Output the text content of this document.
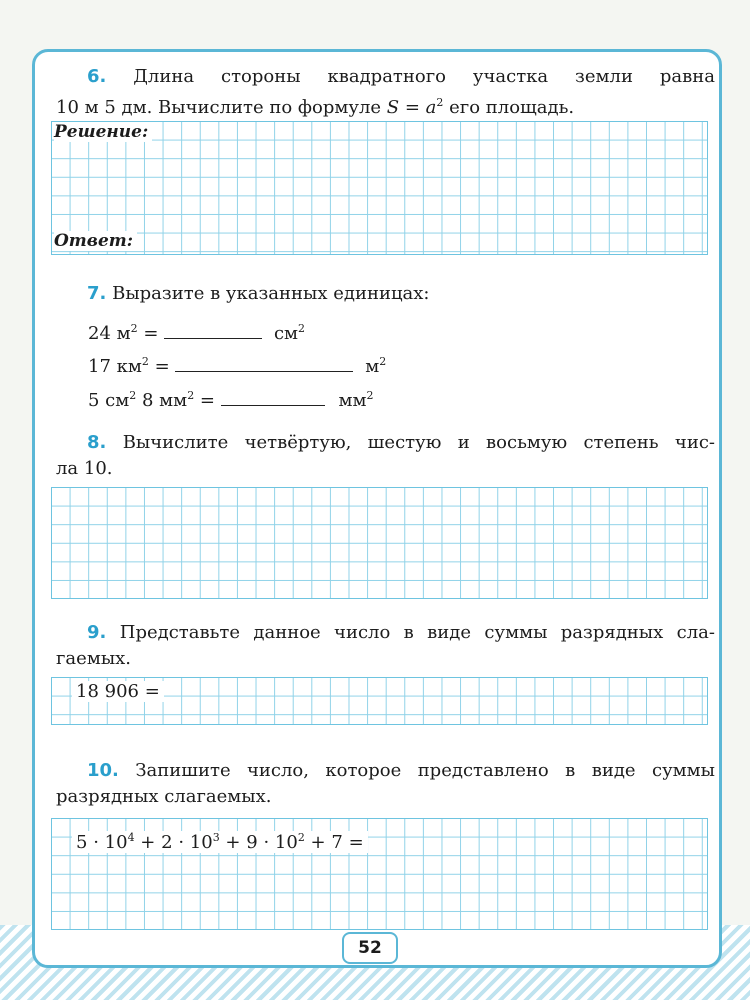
6. Длина стороны квадратного участка земли равна
10 м 5 дм. Вычислите по формуле $S = a^2$ его площадь.
Решение:
Ответ:
7. Выразите в указанных единицах:
24 $м^2$ =	$см^2$
17 $км^2$ =	$м^2$
5 $см^2$ 8 $мм^2$ =	$мм^2$
8. Вычислите четвёртую, шестую и восьмую степень чис-
ла 10.
9. Представьте данное число в виде суммы разрядных сла-
гаемых.
18 906 =
10. Запишите число, которое представлено в виде суммы
разрядных слагаемых.
$5 \cdot 10^4 + 2 \cdot 10^3 + 9 \cdot 10^2 + 7$ =
52
